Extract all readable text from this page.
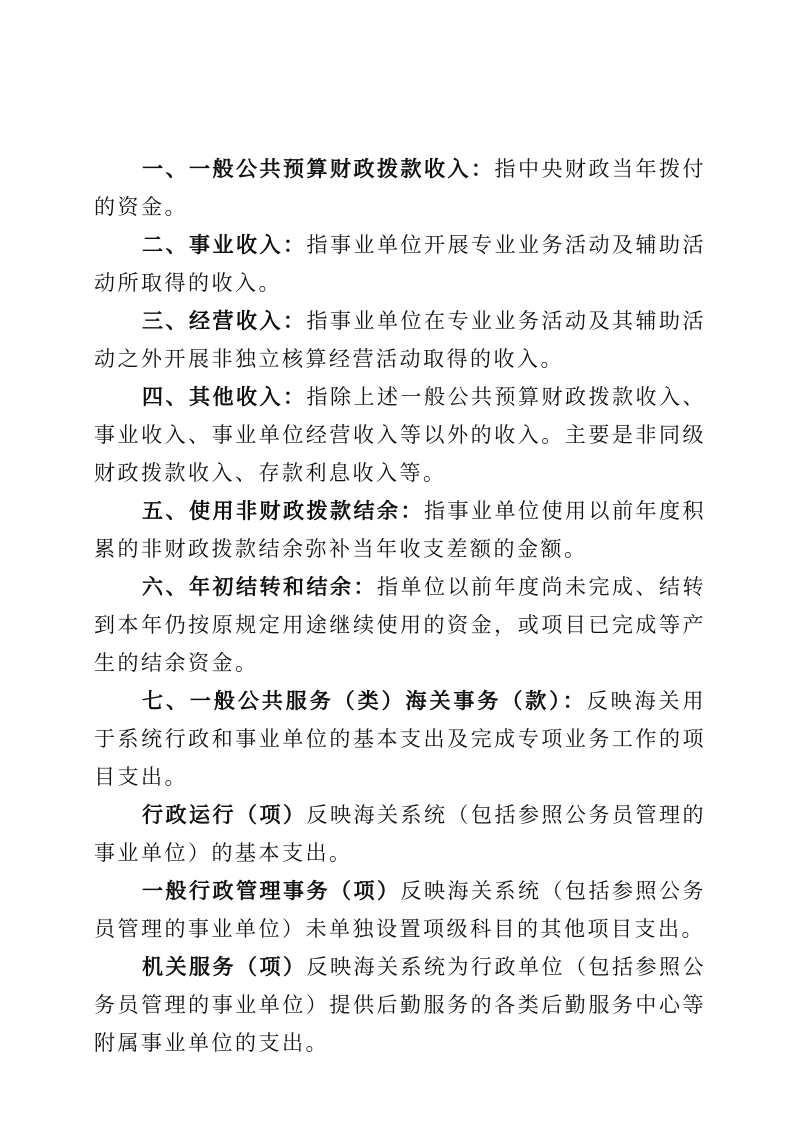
一、一般公共预算财政拨款收入：指中央财政当年拨付的资金。

二、事业收入：指事业单位开展专业业务活动及辅助活动所取得的收入。

三、经营收入：指事业单位在专业业务活动及其辅助活动之外开展非独立核算经营活动取得的收入。

四、其他收入：指除上述一般公共预算财政拨款收入、事业收入、事业单位经营收入等以外的收入。主要是非同级财政拨款收入、存款利息收入等。

五、使用非财政拨款结余：指事业单位使用以前年度积累的非财政拨款结余弥补当年收支差额的金额。

六、年初结转和结余：指单位以前年度尚未完成、结转到本年仍按原规定用途继续使用的资金，或项目已完成等产生的结余资金。

七、一般公共服务（类）海关事务（款）：反映海关用于系统行政和事业单位的基本支出及完成专项业务工作的项目支出。

行政运行（项）反映海关系统（包括参照公务员管理的事业单位）的基本支出。

一般行政管理事务（项）反映海关系统（包括参照公务员管理的事业单位）未单独设置项级科目的其他项目支出。

机关服务（项）反映海关系统为行政单位（包括参照公务员管理的事业单位）提供后勤服务的各类后勤服务中心等附属事业单位的支出。
